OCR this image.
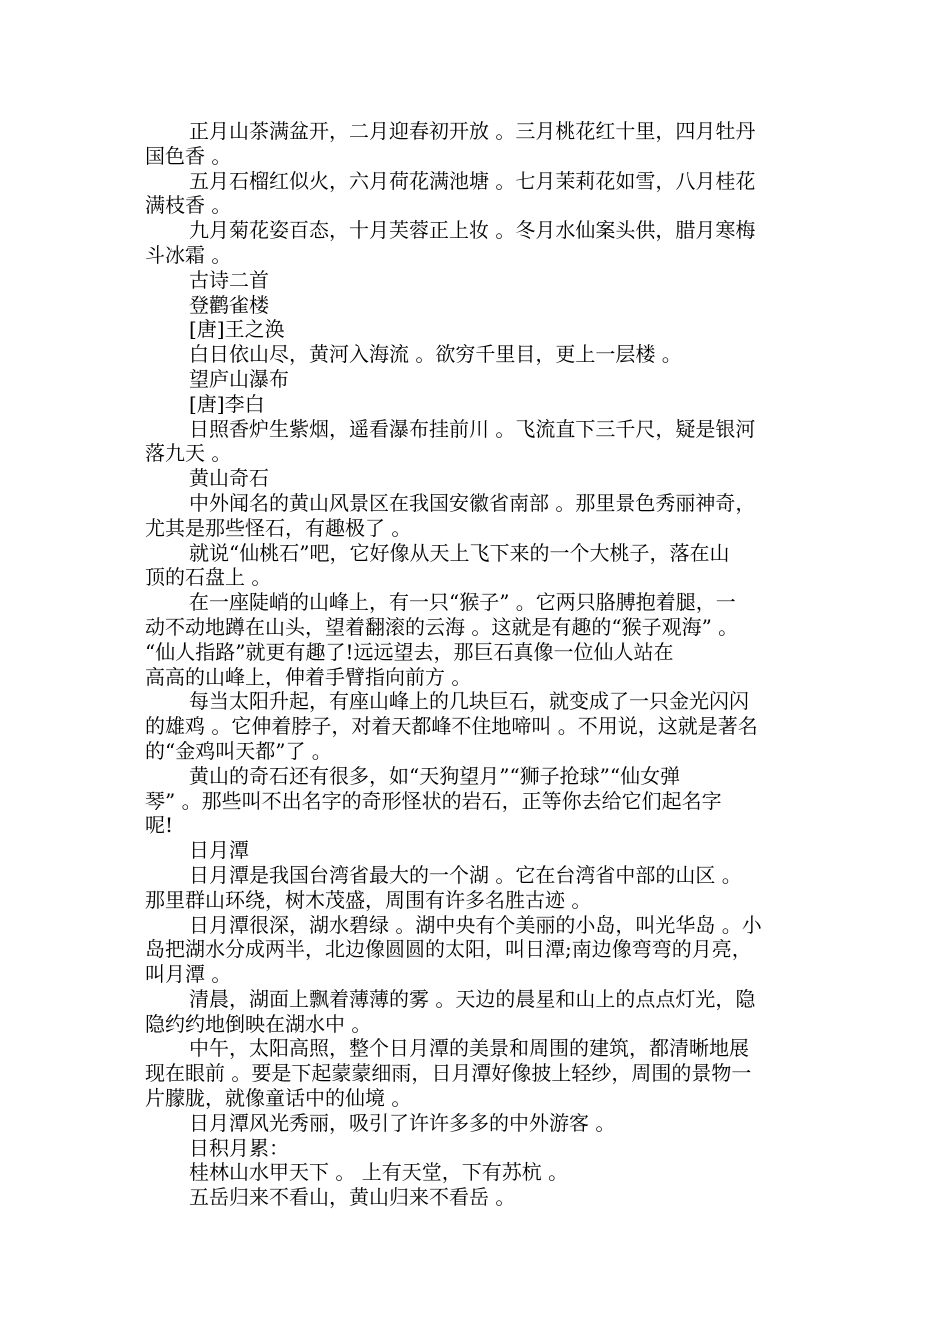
正月山茶满盆开，二月迎春初开放 。三月桃花红十里，四月牡丹
国色香 。
五月石榴红似火，六月荷花满池塘 。七月茉莉花如雪，八月桂花
满枝香 。
九月菊花姿百态，十月芙蓉正上妆 。冬月水仙案头供，腊月寒梅
斗冰霜 。
古诗二首
登鹳雀楼
[唐]王之涣
白日依山尽，黄河入海流 。欲穷千里目，更上一层楼 。
望庐山瀑布
[唐]李白
日照香炉生紫烟，遥看瀑布挂前川 。飞流直下三千尺，疑是银河
落九天 。
黄山奇石
中外闻名的黄山风景区在我国安徽省南部 。那里景色秀丽神奇，
尤其是那些怪石，有趣极了 。
就说“仙桃石”吧，它好像从天上飞下来的一个大桃子，落在山
顶的石盘上 。
在一座陡峭的山峰上，有一只“猴子” 。它两只胳膊抱着腿，一
动不动地蹲在山头，望着翻滚的云海 。这就是有趣的“猴子观海” 。
“仙人指路”就更有趣了!远远望去，那巨石真像一位仙人站在
高高的山峰上，伸着手臂指向前方 。
每当太阳升起，有座山峰上的几块巨石，就变成了一只金光闪闪
的雄鸡 。它伸着脖子，对着天都峰不住地啼叫 。不用说，这就是著名
的“金鸡叫天都”了 。
黄山的奇石还有很多，如“天狗望月”“狮子抢球”“仙女弹
琴” 。那些叫不出名字的奇形怪状的岩石，正等你去给它们起名字
呢!
日月潭
日月潭是我国台湾省最大的一个湖 。它在台湾省中部的山区 。
那里群山环绕，树木茂盛，周围有许多名胜古迹 。
日月潭很深，湖水碧绿 。湖中央有个美丽的小岛，叫光华岛 。小
岛把湖水分成两半，北边像圆圆的太阳，叫日潭;南边像弯弯的月亮，
叫月潭 。
清晨，湖面上飘着薄薄的雾 。天边的晨星和山上的点点灯光，隐
隐约约地倒映在湖水中 。
中午，太阳高照，整个日月潭的美景和周围的建筑，都清晰地展
现在眼前 。要是下起蒙蒙细雨，日月潭好像披上轻纱，周围的景物一
片朦胧，就像童话中的仙境 。
日月潭风光秀丽，吸引了许许多多的中外游客 。
日积月累：
桂林山水甲天下 。 上有天堂，下有苏杭 。
五岳归来不看山，黄山归来不看岳 。
